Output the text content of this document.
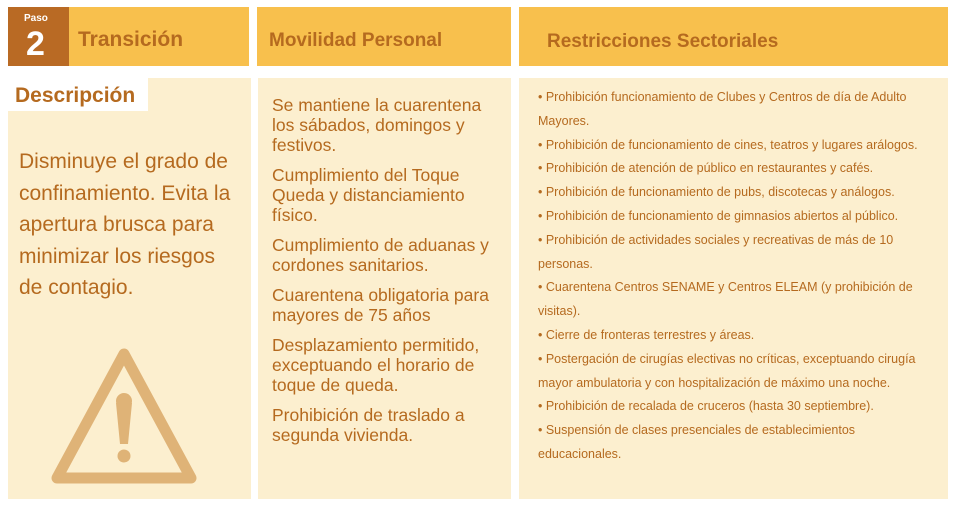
Paso
2 Transición	Movilidad Personal	Restricciones Sectoriales
Descripción
Disminuye el grado de confinamiento. Evita la apertura brusca para minimizar los riesgos de contagio.
Se mantiene la cuarentena los sábados, domingos y festivos.
Cumplimiento del Toque Queda y distanciamiento físico.
Cumplimiento de aduanas y cordones sanitarios.
Cuarentena obligatoria para mayores de 75 años
Desplazamiento permitido, exceptuando el horario de toque de queda.
Prohibición de traslado a segunda vivienda.
• Prohibición funcionamiento de Clubes y Centros de día de Adulto Mayores.
• Prohibición de funcionamiento de cines, teatros y lugares arálogos.
• Prohibición de atención de público en restaurantes y cafés.
• Prohibición de funcionamiento de pubs, discotecas y análogos.
• Prohibición de funcionamiento de gimnasios abiertos al público.
• Prohibición de actividades sociales y recreativas de más de 10 personas.
• Cuarentena Centros SENAME y Centros ELEAM (y prohibición de visitas).
• Cierre de fronteras terrestres y áreas.
• Postergación de cirugías electivas no críticas, exceptuando cirugía mayor ambulatoria y con hospitalización de máximo una noche.
• Prohibición de recalada de cruceros (hasta 30 septiembre).
• Suspensión de clases presenciales de establecimientos educacionales.
